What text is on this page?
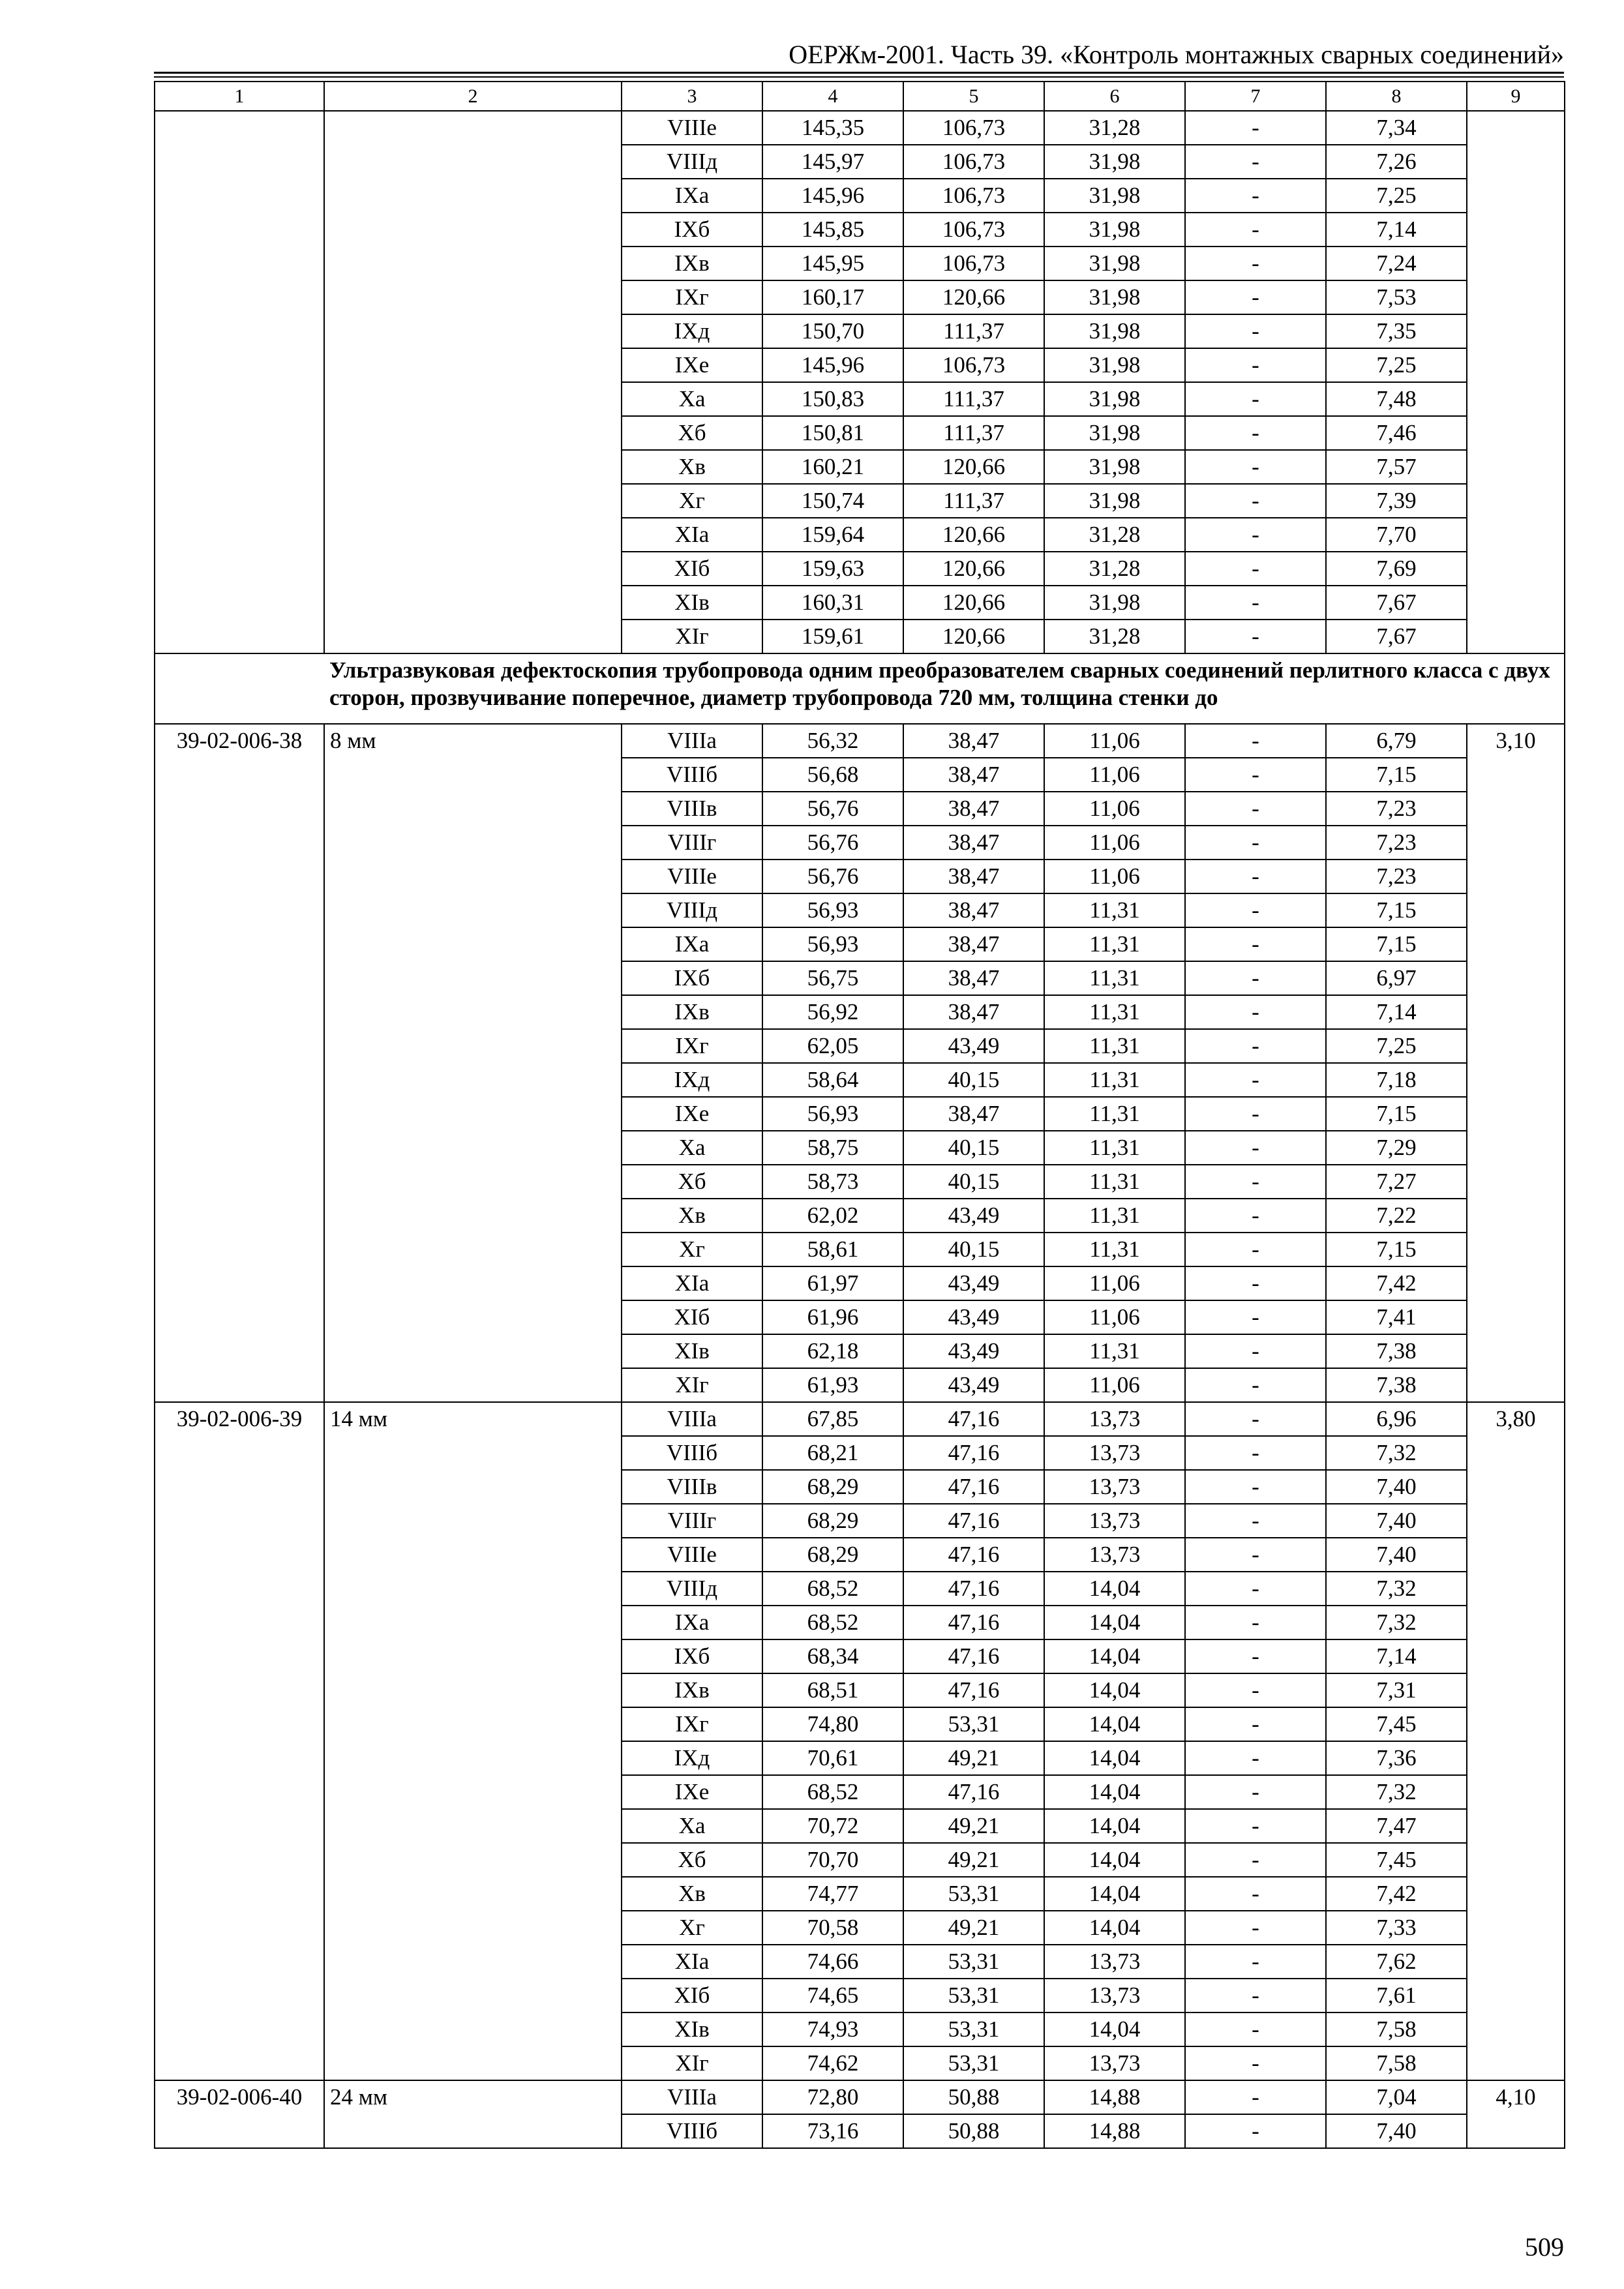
ОЕРЖм-2001. Часть 39. «Контроль монтажных сварных соединений»
1	2	3	4	5	6	7	8	9
		VIIIе	145,35	106,73	31,28	-	7,34	
		VIIIд	145,97	106,73	31,98	-	7,26	
		IXа	145,96	106,73	31,98	-	7,25	
		IXб	145,85	106,73	31,98	-	7,14	
		IXв	145,95	106,73	31,98	-	7,24	
		IXг	160,17	120,66	31,98	-	7,53	
		IXд	150,70	111,37	31,98	-	7,35	
		IXе	145,96	106,73	31,98	-	7,25	
		Xа	150,83	111,37	31,98	-	7,48	
		Xб	150,81	111,37	31,98	-	7,46	
		Xв	160,21	120,66	31,98	-	7,57	
		Xг	150,74	111,37	31,98	-	7,39	
		XIа	159,64	120,66	31,28	-	7,70	
		XIб	159,63	120,66	31,28	-	7,69	
		XIв	160,31	120,66	31,98	-	7,67	
		XIг	159,61	120,66	31,28	-	7,67	
	Ультразвуковая дефектоскопия трубопровода одним преобразователем сварных соединений перлитного класса с двух сторон, прозвучивание поперечное, диаметр трубопровода 720 мм, толщина стенки до							
39-02-006-38	8 мм	VIIIа	56,32	38,47	11,06	-	6,79	3,10
		VIIIб	56,68	38,47	11,06	-	7,15	
		VIIIв	56,76	38,47	11,06	-	7,23	
		VIIIг	56,76	38,47	11,06	-	7,23	
		VIIIе	56,76	38,47	11,06	-	7,23	
		VIIIд	56,93	38,47	11,31	-	7,15	
		IXа	56,93	38,47	11,31	-	7,15	
		IXб	56,75	38,47	11,31	-	6,97	
		IXв	56,92	38,47	11,31	-	7,14	
		IXг	62,05	43,49	11,31	-	7,25	
		IXд	58,64	40,15	11,31	-	7,18	
		IXе	56,93	38,47	11,31	-	7,15	
		Xа	58,75	40,15	11,31	-	7,29	
		Xб	58,73	40,15	11,31	-	7,27	
		Xв	62,02	43,49	11,31	-	7,22	
		Xг	58,61	40,15	11,31	-	7,15	
		XIа	61,97	43,49	11,06	-	7,42	
		XIб	61,96	43,49	11,06	-	7,41	
		XIв	62,18	43,49	11,31	-	7,38	
		XIг	61,93	43,49	11,06	-	7,38	
39-02-006-39	14 мм	VIIIа	67,85	47,16	13,73	-	6,96	3,80
		VIIIб	68,21	47,16	13,73	-	7,32	
		VIIIв	68,29	47,16	13,73	-	7,40	
		VIIIг	68,29	47,16	13,73	-	7,40	
		VIIIе	68,29	47,16	13,73	-	7,40	
		VIIIд	68,52	47,16	14,04	-	7,32	
		IXа	68,52	47,16	14,04	-	7,32	
		IXб	68,34	47,16	14,04	-	7,14	
		IXв	68,51	47,16	14,04	-	7,31	
		IXг	74,80	53,31	14,04	-	7,45	
		IXд	70,61	49,21	14,04	-	7,36	
		IXе	68,52	47,16	14,04	-	7,32	
		Xа	70,72	49,21	14,04	-	7,47	
		Xб	70,70	49,21	14,04	-	7,45	
		Xв	74,77	53,31	14,04	-	7,42	
		Xг	70,58	49,21	14,04	-	7,33	
		XIа	74,66	53,31	13,73	-	7,62	
		XIб	74,65	53,31	13,73	-	7,61	
		XIв	74,93	53,31	14,04	-	7,58	
		XIг	74,62	53,31	13,73	-	7,58	
39-02-006-40	24 мм	VIIIа	72,80	50,88	14,88	-	7,04	4,10
		VIIIб	73,16	50,88	14,88	-	7,40	
509
